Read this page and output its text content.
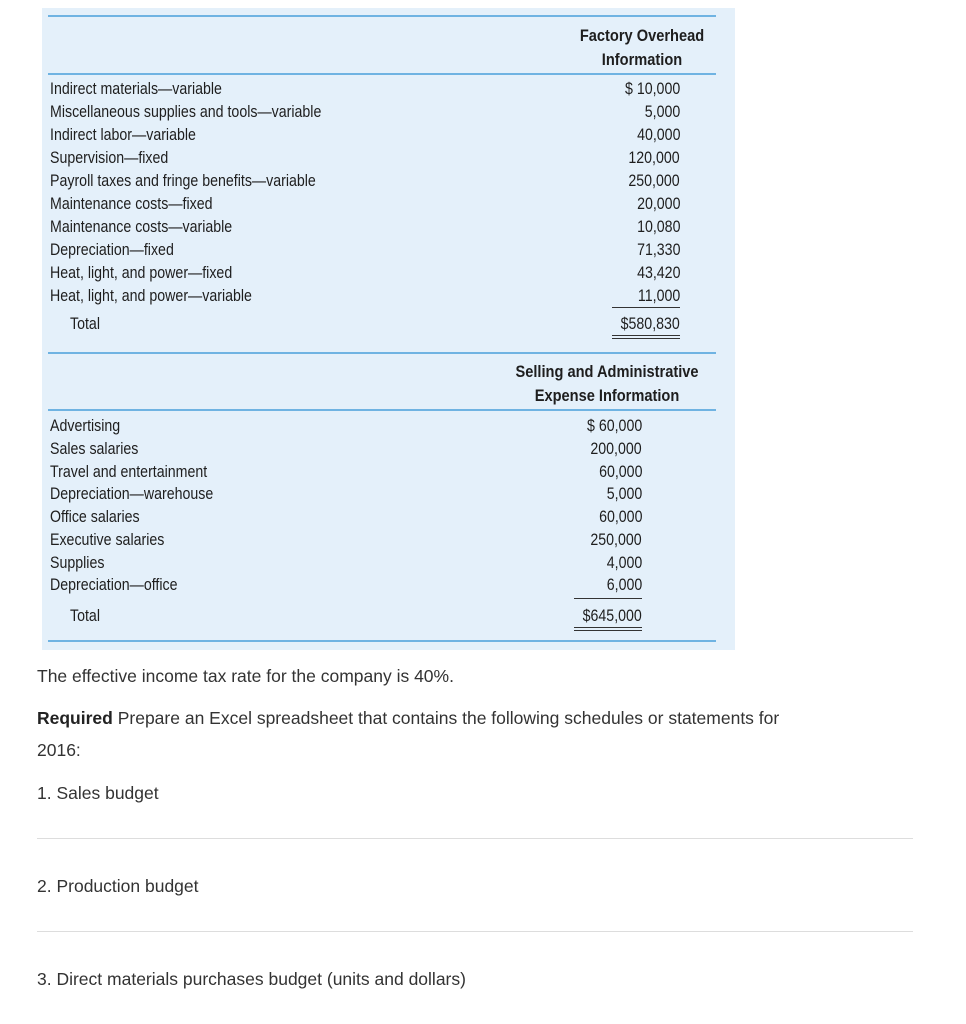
Factory Overhead
Information
Indirect materials—variable	$ 10,000
Miscellaneous supplies and tools—variable	5,000
Indirect labor—variable	40,000
Supervision—fixed	120,000
Payroll taxes and fringe benefits—variable	250,000
Maintenance costs—fixed	20,000
Maintenance costs—variable	10,080
Depreciation—fixed	71,330
Heat, light, and power—fixed	43,420
Heat, light, and power—variable	11,000
Total	$580,830
Selling and Administrative
Expense Information
Advertising	$ 60,000
Sales salaries	200,000
Travel and entertainment	60,000
Depreciation—warehouse	5,000
Office salaries	60,000
Executive salaries	250,000
Supplies	4,000
Depreciation—office	6,000
Total	$645,000
The effective income tax rate for the company is 40%.
Required Prepare an Excel spreadsheet that contains the following schedules or statements for
2016:
1. Sales budget
2. Production budget
3. Direct materials purchases budget (units and dollars)
